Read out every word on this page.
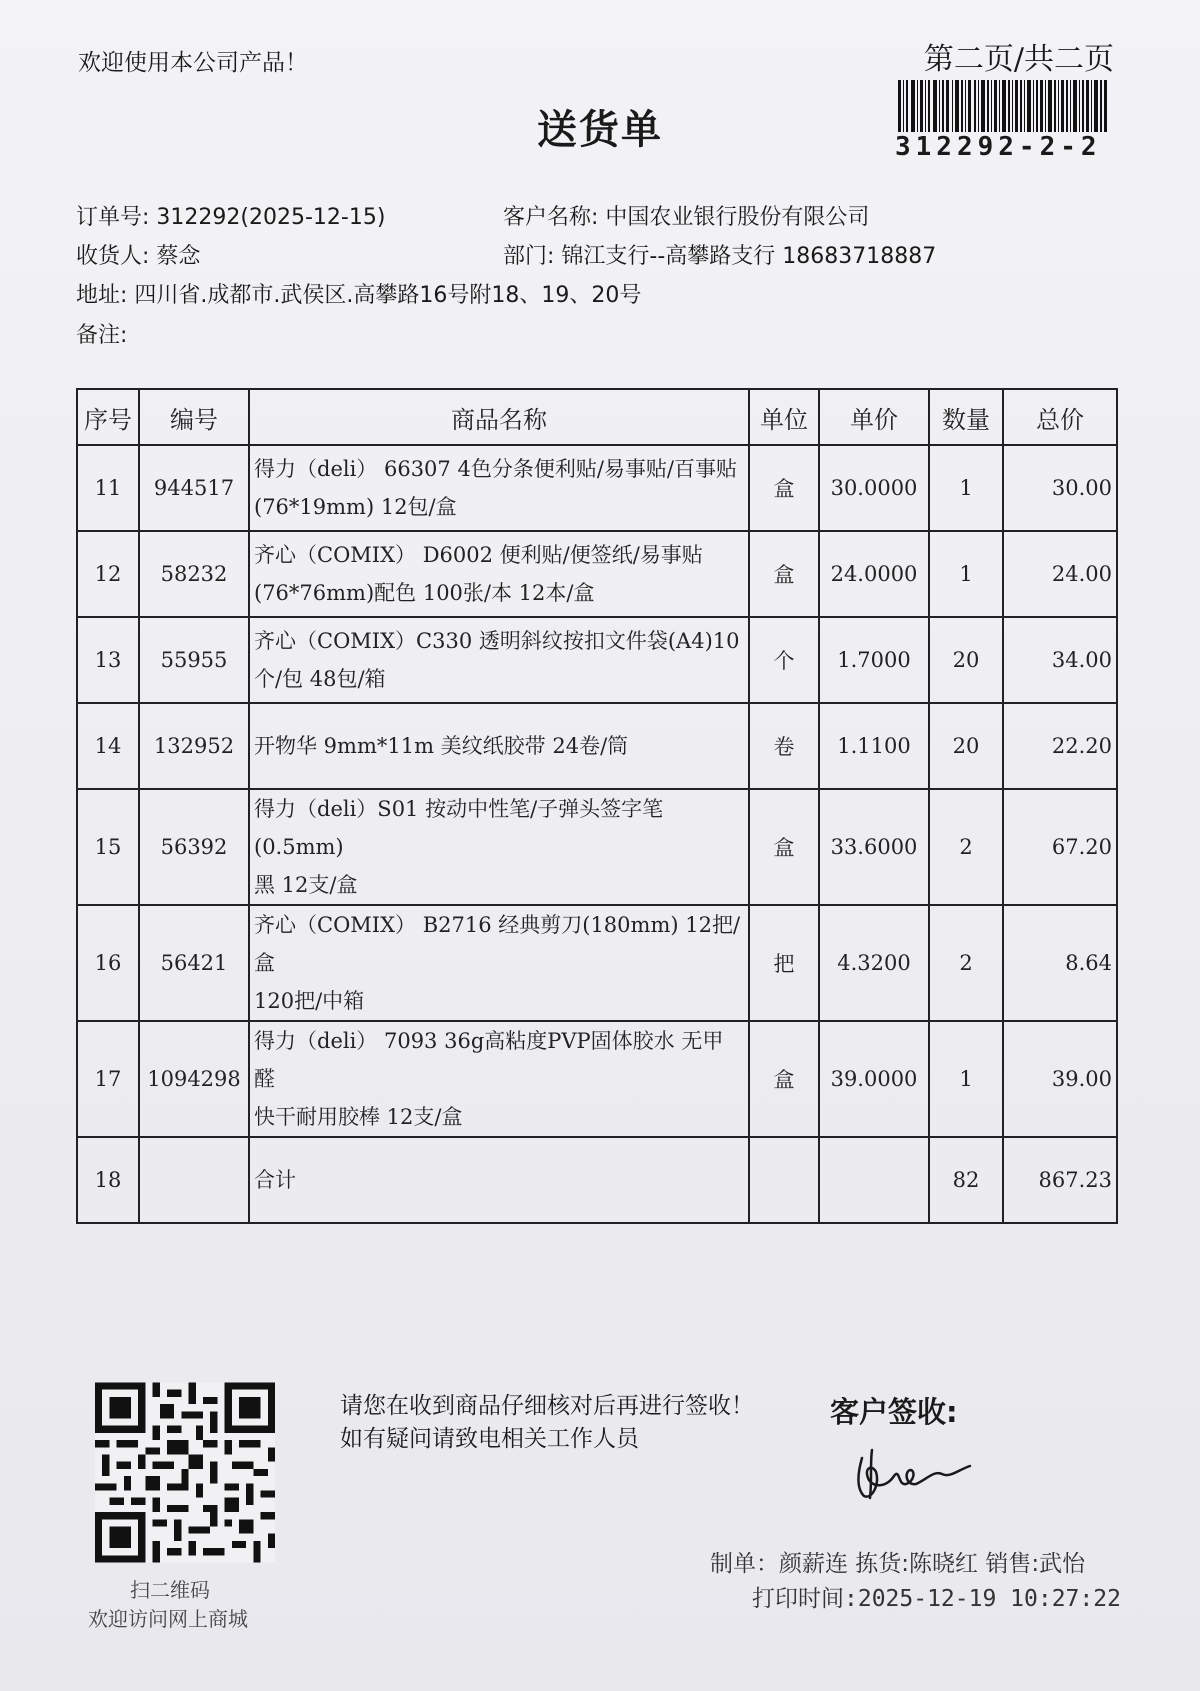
欢迎使用本公司产品！	第二页/共二页
312292-2-2
送货单
订单号: 312292(2025-12-15)	客户名称: 中国农业银行股份有限公司
收货人: 蔡念	部门: 锦江支行--高攀路支行 18683718887
地址: 四川省.成都市.武侯区.高攀路16号附18、19、20号
备注:
序号	编号	商品名称	单位	单价	数量	总价
11	944517	得力（deli） 66307 4色分条便利贴/易事贴/百事贴
(76*19mm) 12包/盒	盒	30.0000	1	30.00
12	58232	齐心（COMIX） D6002 便利贴/便签纸/易事贴
(76*76mm)配色 100张/本 12本/盒	盒	24.0000	1	24.00
13	55955	齐心（COMIX）C330 透明斜纹按扣文件袋(A4)10
个/包 48包/箱	个	1.7000	20	34.00
14	132952	开物华 9mm*11m 美纹纸胶带 24卷/筒	卷	1.1100	20	22.20
15	56392	得力（deli）S01 按动中性笔/子弹头签字笔(0.5mm)
黑 12支/盒	盒	33.6000	2	67.20
16	56421	齐心（COMIX） B2716 经典剪刀(180mm) 12把/盒
120把/中箱	把	4.3200	2	8.64
17	1094298	得力（deli） 7093 36g高粘度PVP固体胶水 无甲醛
快干耐用胶棒 12支/盒	盒	39.0000	1	39.00
18		合计			82	867.23
扫二维码
欢迎访问网上商城
请您在收到商品仔细核对后再进行签收！如有疑问请致电相关工作人员
客户签收:
制单：颜薪连 拣货:陈晓红 销售:武怡
打印时间:2025-12-19 10:27:22
